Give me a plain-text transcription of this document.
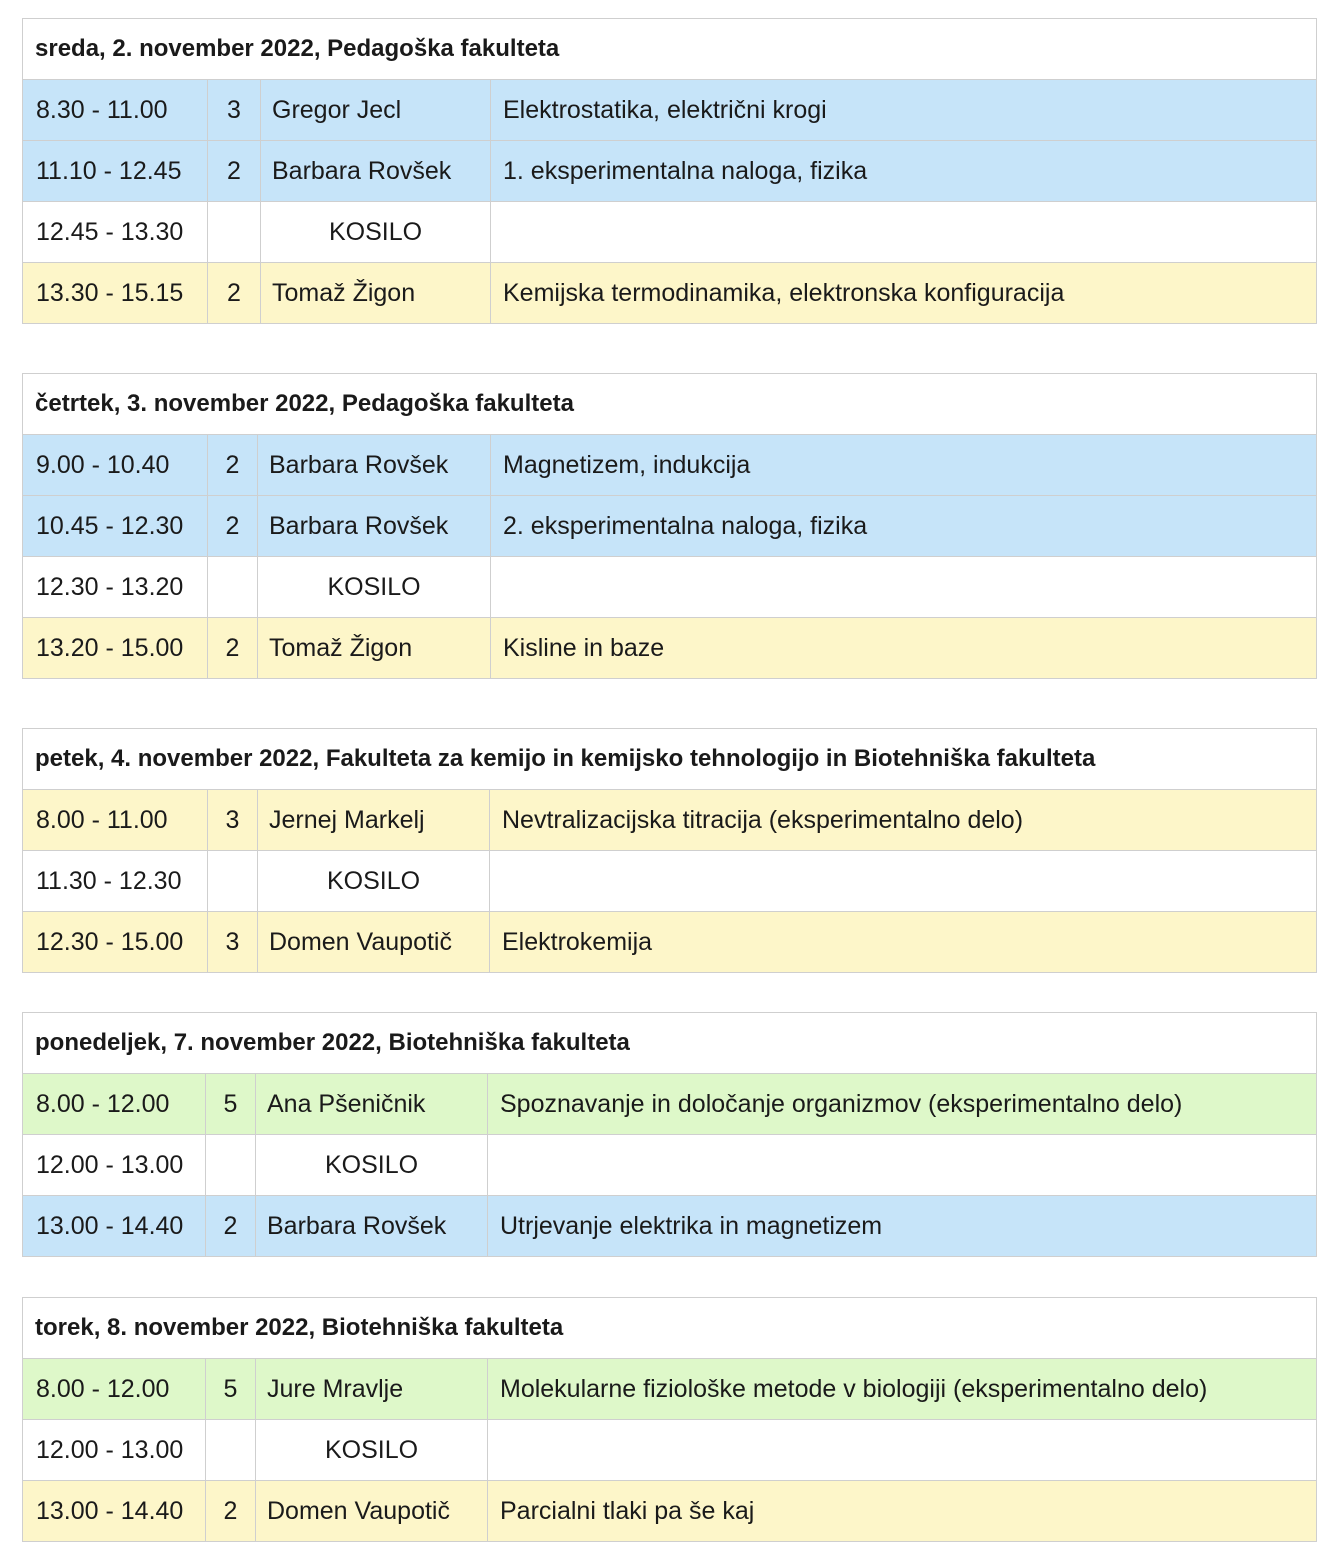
sreda, 2. november 2022, Pedagoška fakulteta			
8.30 - 11.00	3	Gregor Jecl	Elektrostatika, električni krogi
11.10 - 12.45	2	Barbara Rovšek	1. eksperimentalna naloga, fizika
12.45 - 13.30		KOSILO	
13.30 - 15.15	2	Tomaž Žigon	Kemijska termodinamika, elektronska konfiguracija
četrtek, 3. november 2022, Pedagoška fakulteta			
9.00 - 10.40	2	Barbara Rovšek	Magnetizem, indukcija
10.45 - 12.30	2	Barbara Rovšek	2. eksperimentalna naloga, fizika
12.30 - 13.20		KOSILO	
13.20 - 15.00	2	Tomaž Žigon	Kisline in baze
petek, 4. november 2022, Fakulteta za kemijo in kemijsko tehnologijo in Biotehniška fakulteta			
8.00 - 11.00	3	Jernej Markelj	Nevtralizacijska titracija (eksperimentalno delo)
11.30 - 12.30		KOSILO	
12.30 - 15.00	3	Domen Vaupotič	Elektrokemija
ponedeljek, 7. november 2022, Biotehniška fakulteta			
8.00 - 12.00	5	Ana Pšeničnik	Spoznavanje in določanje organizmov (eksperimentalno delo)
12.00 - 13.00		KOSILO	
13.00 - 14.40	2	Barbara Rovšek	Utrjevanje elektrika in magnetizem
torek, 8. november 2022, Biotehniška fakulteta			
8.00 - 12.00	5	Jure Mravlje	Molekularne fiziološke metode v biologiji (eksperimentalno delo)
12.00 - 13.00		KOSILO	
13.00 - 14.40	2	Domen Vaupotič	Parcialni tlaki pa še kaj
